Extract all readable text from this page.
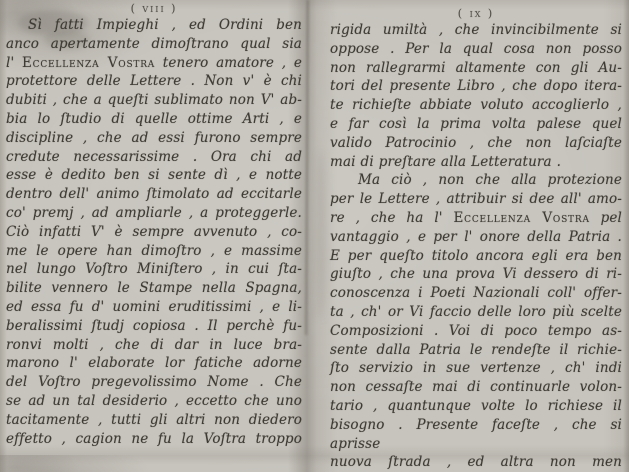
( viii )
Sì fatti Impieghi , ed Ordini ben
anco apertamente dimoſtrano qual sia
l' Eccellenza Vostra tenero amatore , e
protettore delle Lettere . Non v' è chi
dubiti , che a queſti sublimato non V' ab-
bia lo ſtudio di quelle ottime Arti , e
discipline , che ad essi furono sempre
credute necessarissime . Ora chi ad
esse è dedito ben si sente dì , e notte
dentro dell' animo ſtimolato ad eccitarle
co' premj , ad ampliarle , a proteggerle.
Ciò infatti V' è sempre avvenuto , co-
me le opere han dimoſtro , e massime
nel lungo Voſtro Miniſtero , in cui ſta-
bilite vennero le Stampe nella Spagna,
ed essa fu d' uomini eruditissimi , e li-
beralissimi ſtudj copiosa . Il perchè fu-
ronvi molti , che di dar in luce bra-
marono l' elaborate lor fatiche adorne
del Voſtro pregevolissimo Nome . Che
se ad un tal desiderio , eccetto che uno
tacitamente , tutti gli altri non diedero
effetto , cagion ne fu la Voſtra troppo
( ix )
rigida umiltà , che invincibilmente si
oppose . Per la qual cosa non posso
non rallegrarmi altamente con gli Au-
tori del presente Libro , che dopo itera-
te richieſte abbiate voluto accoglierlo ,
e far così la prima volta palese quel
valido Patrocinio , che non laſciaſte
mai di preſtare alla Letteratura .
Ma ciò , non che alla protezione
per le Lettere , attribuir si dee all' amo-
re , che ha l' Eccellenza Vostra pel
vantaggio , e per l' onore della Patria .
E per queſto titolo ancora egli era ben
giuſto , che una prova Vi dessero di ri-
conoscenza i Poeti Nazionali coll' offer-
ta , ch' or Vi faccio delle loro più scelte
Composizioni . Voi di poco tempo as-
sente dalla Patria le rendeſte il richie-
ſto servizio in sue vertenze , ch' indi
non cessaſte mai di continuarle volon-
tario , quantunque volte lo richiese il
bisogno . Presente faceſte , che si aprisse
nuova ſtrada , ed altra non men
